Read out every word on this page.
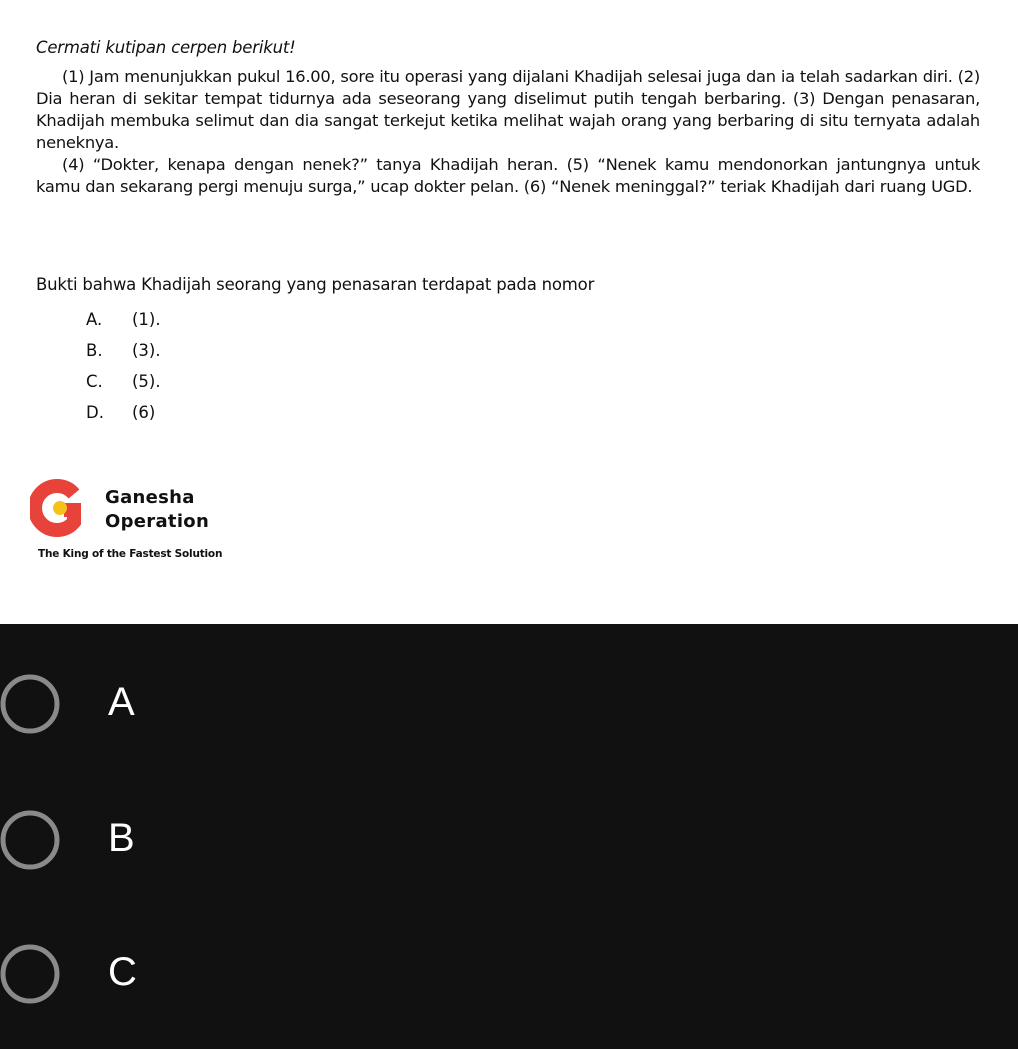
Cermati kutipan cerpen berikut!

(1) Jam menunjukkan pukul 16.00, sore itu operasi yang dijalani Khadijah selesai juga dan ia telah sadarkan diri. (2) Dia heran di sekitar tempat tidurnya ada seseorang yang diselimut putih tengah berbaring. (3) Dengan penasaran, Khadijah membuka selimut dan dia sangat terkejut ketika melihat wajah orang yang berbaring di situ ternyata adalah neneknya.

(4) “Dokter, kenapa dengan nenek?” tanya Khadijah heran. (5) “Nenek kamu mendonorkan jantungnya untuk kamu dan sekarang pergi menuju surga,” ucap dokter pelan. (6) “Nenek meninggal?” teriak Khadijah dari ruang UGD.

Bukti bahwa Khadijah seorang yang penasaran terdapat pada nomor
A. (1).
B. (3).
C. (5).
D. (6)
Ganesha
Operation
The King of the Fastest Solution
A
B
C
